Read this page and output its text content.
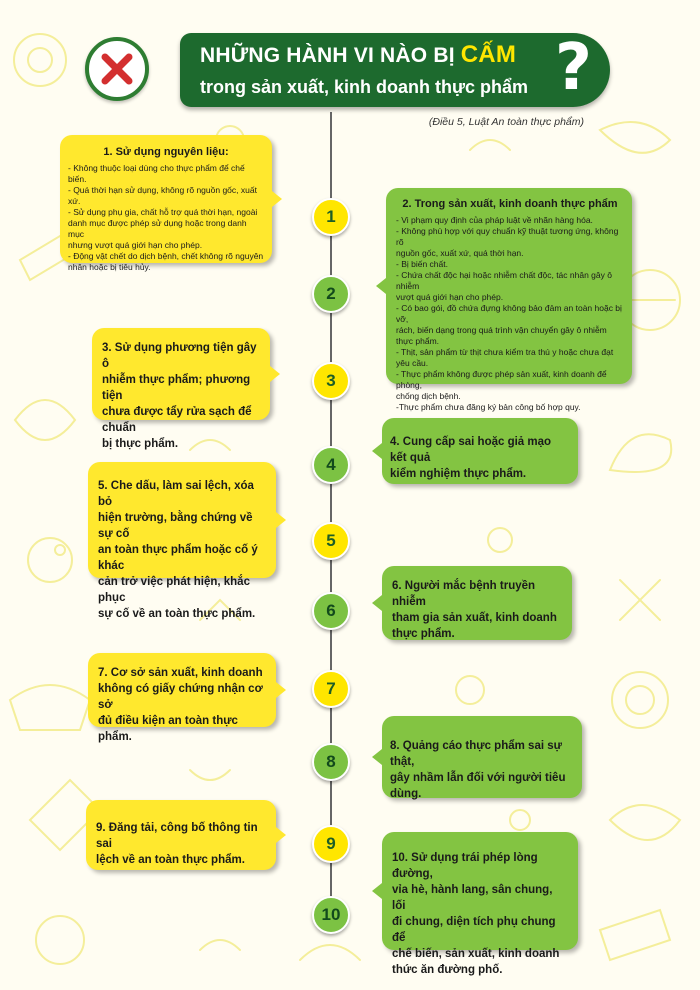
NHỮNG HÀNH VI NÀO BỊ CẤM
trong sản xuất, kinh doanh thực phẩm ?
(Điều 5, Luật An toàn thực phẩm)
1. Sử dụng nguyên liệu:
- Không thuộc loại dùng cho thực phẩm để chế biến.
- Quá thời hạn sử dụng, không rõ nguồn gốc, xuất xứ.
- Sử dụng phụ gia, chất hỗ trợ quá thời hạn, ngoài
danh mục được phép sử dụng hoặc trong danh mục
nhưng vượt quá giới hạn cho phép.
- Động vật chết do dịch bệnh, chết không rõ nguyên
nhân hoặc bị tiêu hủy.
1
2. Trong sản xuất, kinh doanh thực phẩm
- Vi phạm quy định của pháp luật về nhãn hàng hóa.
- Không phù hợp với quy chuẩn kỹ thuật tương ứng, không rõ
nguồn gốc, xuất xứ, quá thời hạn.
- Bị biến chất.
- Chứa chất độc hại hoặc nhiễm chất độc, tác nhân gây ô nhiễm
vượt quá giới hạn cho phép.
- Có bao gói, đồ chứa đựng không bảo đảm an toàn hoặc bị vỡ,
rách, biến dạng trong quá trình vận chuyển gây ô nhiễm
thực phẩm.
- Thịt, sản phẩm từ thịt chưa kiểm tra thú y hoặc chưa đạt yêu cầu.
- Thực phẩm không được phép sản xuất, kinh doanh để phòng,
chống dịch bệnh.
-Thực phẩm chưa đăng ký bản công bố hợp quy.
2
3. Sử dụng phương tiện gây ô
nhiễm thực phẩm; phương tiện
chưa được tẩy rửa sạch để chuẩn
bị thực phẩm.
3
4. Cung cấp sai hoặc giả mạo kết quả
kiểm nghiệm thực phẩm.
4
5. Che dấu, làm sai lệch, xóa bỏ
hiện trường, bằng chứng về sự cố
an toàn thực phẩm hoặc cố ý khác
cản trở việc phát hiện, khắc phục
sự cố về an toàn thực phẩm.
5
6. Người mắc bệnh truyền nhiễm
tham gia sản xuất, kinh doanh
thực phẩm.
6
7. Cơ sở sản xuất, kinh doanh
không có giấy chứng nhận cơ sở
đủ điều kiện an toàn thực phẩm.
7
8. Quảng cáo thực phẩm sai sự thật,
gây nhầm lẫn đối với người tiêu dùng.
8
9. Đăng tải, công bố thông tin sai
lệch về an toàn thực phẩm.
9
10. Sử dụng trái phép lòng đường,
vỉa hè, hành lang, sân chung, lối
đi chung, diện tích phụ chung để
chế biến, sản xuất, kinh doanh
thức ăn đường phố.
10
